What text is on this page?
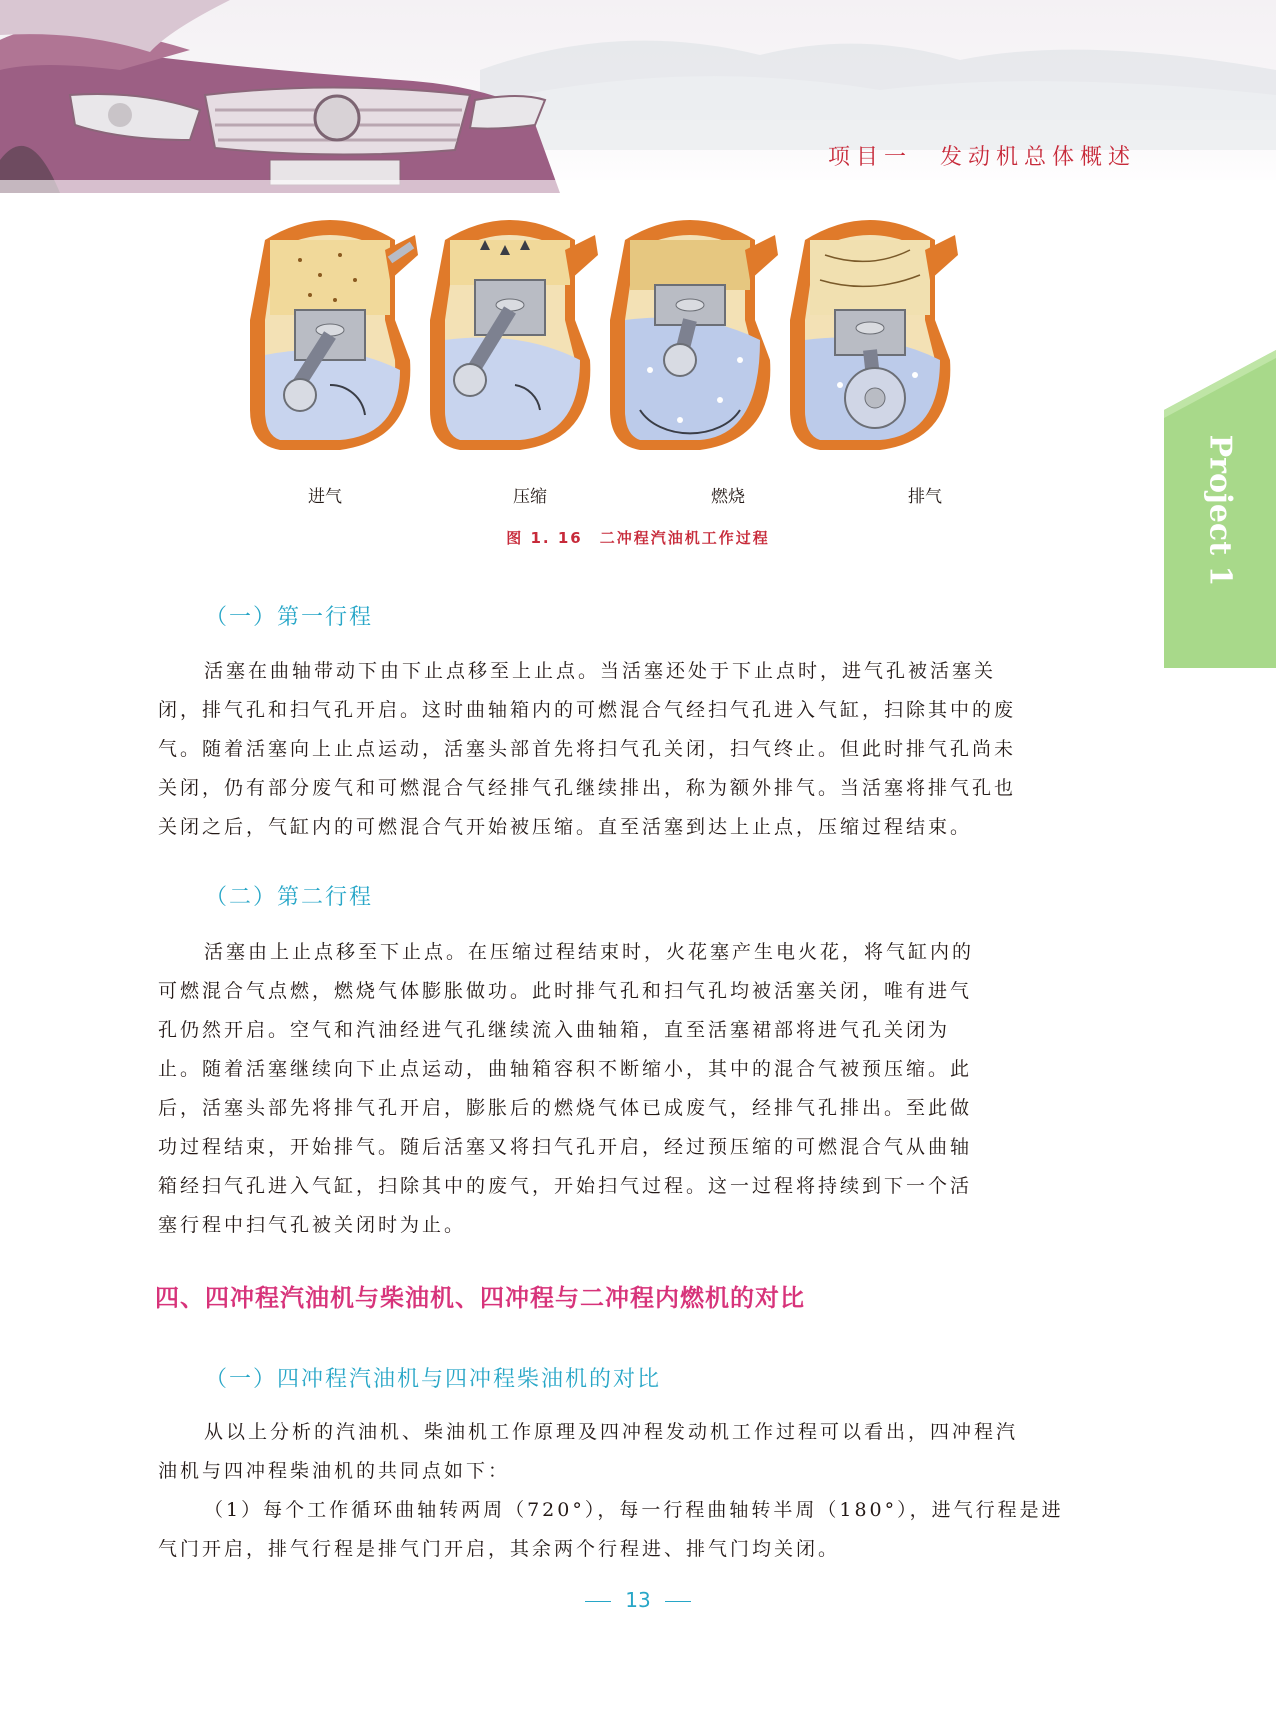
项目一　发动机总体概述
Project 1
进气	压缩	燃烧	排气
图 1. 16　二冲程汽油机工作过程
（一）第一行程
活塞在曲轴带动下由下止点移至上止点。当活塞还处于下止点时，进气孔被活塞关
闭，排气孔和扫气孔开启。这时曲轴箱内的可燃混合气经扫气孔进入气缸，扫除其中的废
气。随着活塞向上止点运动，活塞头部首先将扫气孔关闭，扫气终止。但此时排气孔尚未
关闭，仍有部分废气和可燃混合气经排气孔继续排出，称为额外排气。当活塞将排气孔也
关闭之后，气缸内的可燃混合气开始被压缩。直至活塞到达上止点，压缩过程结束。
（二）第二行程
活塞由上止点移至下止点。在压缩过程结束时，火花塞产生电火花，将气缸内的
可燃混合气点燃，燃烧气体膨胀做功。此时排气孔和扫气孔均被活塞关闭，唯有进气
孔仍然开启。空气和汽油经进气孔继续流入曲轴箱，直至活塞裙部将进气孔关闭为
止。随着活塞继续向下止点运动，曲轴箱容积不断缩小，其中的混合气被预压缩。此
后，活塞头部先将排气孔开启，膨胀后的燃烧气体已成废气，经排气孔排出。至此做
功过程结束，开始排气。随后活塞又将扫气孔开启，经过预压缩的可燃混合气从曲轴
箱经扫气孔进入气缸，扫除其中的废气，开始扫气过程。这一过程将持续到下一个活
塞行程中扫气孔被关闭时为止。
四、四冲程汽油机与柴油机、四冲程与二冲程内燃机的对比
（一）四冲程汽油机与四冲程柴油机的对比
从以上分析的汽油机、柴油机工作原理及四冲程发动机工作过程可以看出，四冲程汽
油机与四冲程柴油机的共同点如下：
（1）每个工作循环曲轴转两周（720°），每一行程曲轴转半周（180°），进气行程是进
气门开启，排气行程是排气门开启，其余两个行程进、排气门均关闭。
13
